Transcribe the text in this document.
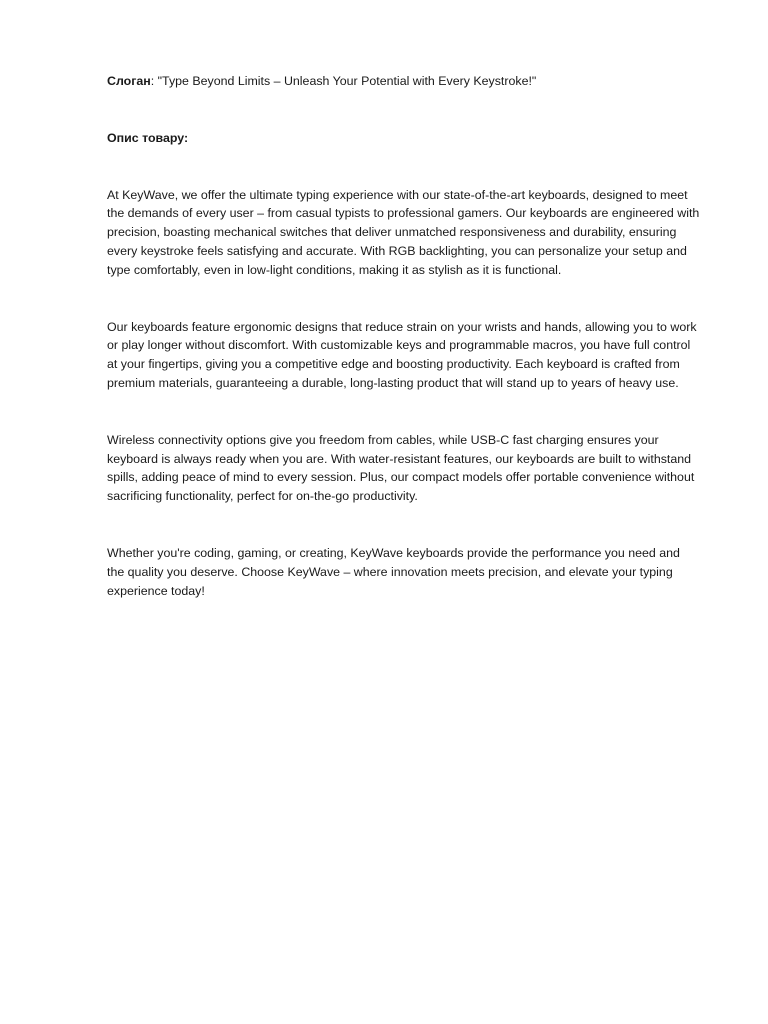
Слоган: "Type Beyond Limits – Unleash Your Potential with Every Keystroke!"

Опис товару:

At KeyWave, we offer the ultimate typing experience with our state-of-the-art keyboards, designed to meet

the demands of every user – from casual typists to professional gamers. Our keyboards are engineered with

precision, boasting mechanical switches that deliver unmatched responsiveness and durability, ensuring

every keystroke feels satisfying and accurate. With RGB backlighting, you can personalize your setup and

type comfortably, even in low-light conditions, making it as stylish as it is functional.

Our keyboards feature ergonomic designs that reduce strain on your wrists and hands, allowing you to work

or play longer without discomfort. With customizable keys and programmable macros, you have full control

at your fingertips, giving you a competitive edge and boosting productivity. Each keyboard is crafted from

premium materials, guaranteeing a durable, long-lasting product that will stand up to years of heavy use.

Wireless connectivity options give you freedom from cables, while USB-C fast charging ensures your

keyboard is always ready when you are. With water-resistant features, our keyboards are built to withstand

spills, adding peace of mind to every session. Plus, our compact models offer portable convenience without

sacrificing functionality, perfect for on-the-go productivity.

Whether you're coding, gaming, or creating, KeyWave keyboards provide the performance you need and

the quality you deserve. Choose KeyWave – where innovation meets precision, and elevate your typing

experience today!
